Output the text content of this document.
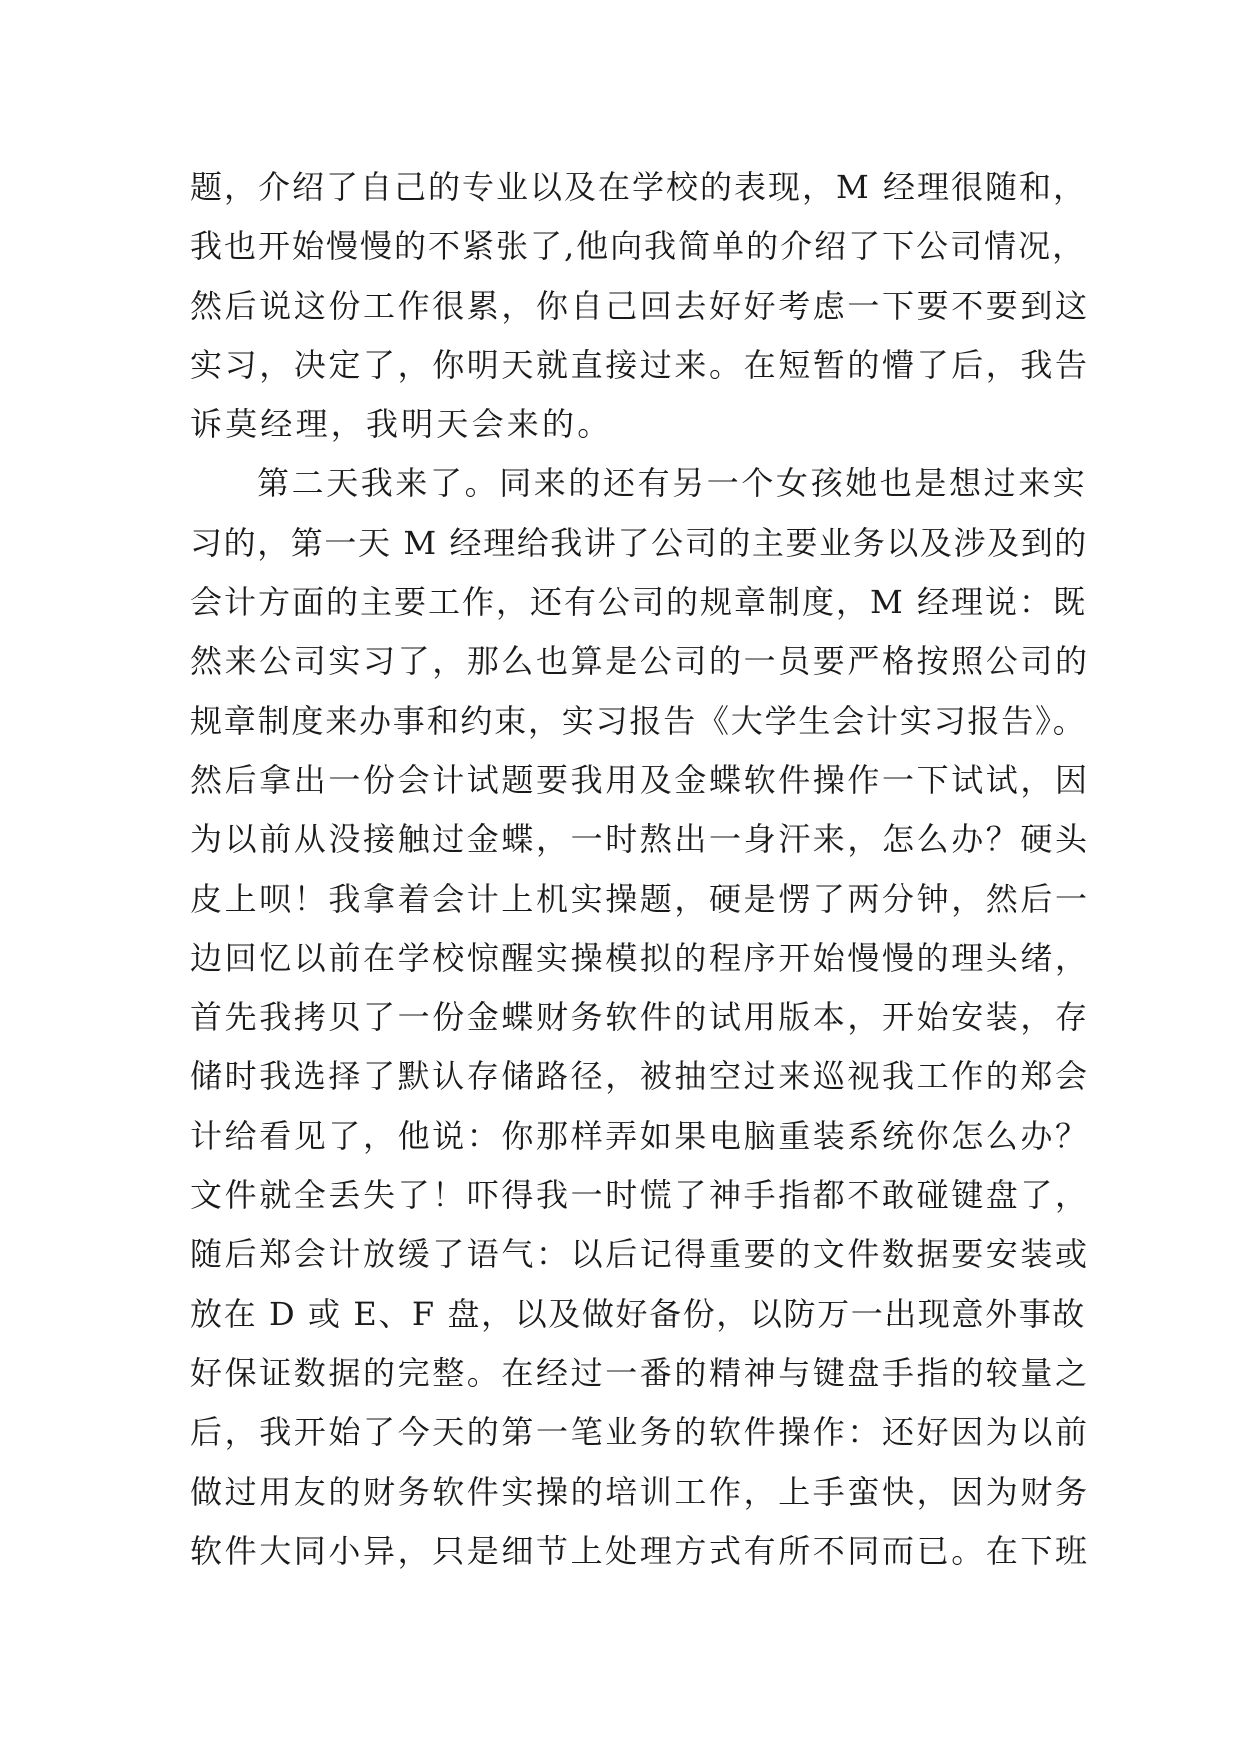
题，介绍了自己的专业以及在学校的表现，M 经理很随和，
我也开始慢慢的不紧张了,他向我简单的介绍了下公司情况，
然后说这份工作很累，你自己回去好好考虑一下要不要到这
实习，决定了，你明天就直接过来。在短暂的懵了后，我告
诉莫经理，我明天会来的。
第二天我来了。同来的还有另一个女孩她也是想过来实
习的，第一天 M 经理给我讲了公司的主要业务以及涉及到的
会计方面的主要工作，还有公司的规章制度，M 经理说：既
然来公司实习了，那么也算是公司的一员要严格按照公司的
规章制度来办事和约束，实习报告《大学生会计实习报告》。
然后拿出一份会计试题要我用及金蝶软件操作一下试试，因
为以前从没接触过金蝶，一时熬出一身汗来，怎么办？硬头
皮上呗！我拿着会计上机实操题，硬是愣了两分钟，然后一
边回忆以前在学校惊醒实操模拟的程序开始慢慢的理头绪，
首先我拷贝了一份金蝶财务软件的试用版本，开始安装，存
储时我选择了默认存储路径，被抽空过来巡视我工作的郑会
计给看见了，他说：你那样弄如果电脑重装系统你怎么办？
文件就全丢失了！吓得我一时慌了神手指都不敢碰键盘了，
随后郑会计放缓了语气：以后记得重要的文件数据要安装或
放在 D 或 E、F 盘，以及做好备份，以防万一出现意外事故
好保证数据的完整。在经过一番的精神与键盘手指的较量之
后，我开始了今天的第一笔业务的软件操作：还好因为以前
做过用友的财务软件实操的培训工作，上手蛮快，因为财务
软件大同小异，只是细节上处理方式有所不同而已。在下班
